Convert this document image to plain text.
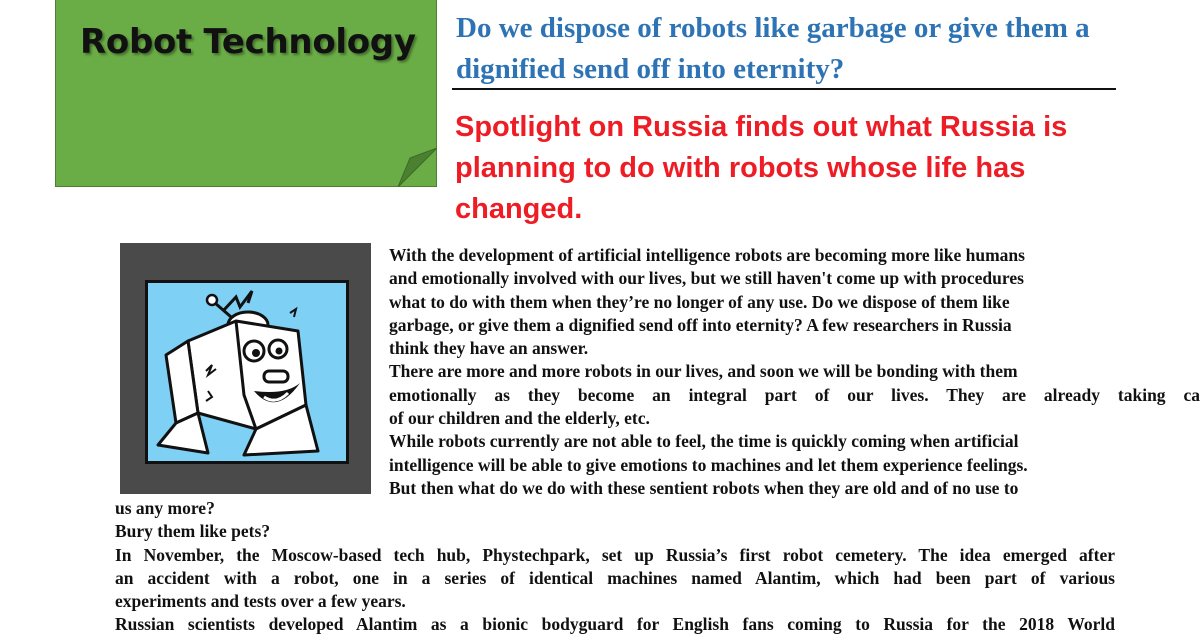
Robot Technology Do we dispose of robots like garbage or give them a dignified send off into eternity?
Spotlight on Russia finds out what Russia is planning to do with robots whose life has changed.

With the development of artificial intelligence robots are becoming more like humans

and emotionally involved with our lives, but we still haven't come up with procedures

what to do with them when they’re no longer of any use. Do we dispose of them like

garbage, or give them a dignified send off into eternity? A few researchers in Russia

think they have an answer.

There are more and more robots in our lives, and soon we will be bonding with them

emotionally as they become an integral part of our lives. They are already taking ca

of our children and the elderly, etc.

While robots currently are not able to feel, the time is quickly coming when artificial

intelligence will be able to give emotions to machines and let them experience feelings.

But then what do we do with these sentient robots when they are old and of no use to

us any more?

Bury them like pets?

In November, the Moscow-based tech hub, Phystechpark, set up Russia’s first robot cemetery. The idea emerged after

an accident with a robot, one in a series of identical machines named Alantim, which had been part of various

experiments and tests over a few years.

Russian scientists developed Alantim as a bionic bodyguard for English fans coming to Russia for the 2018 World
